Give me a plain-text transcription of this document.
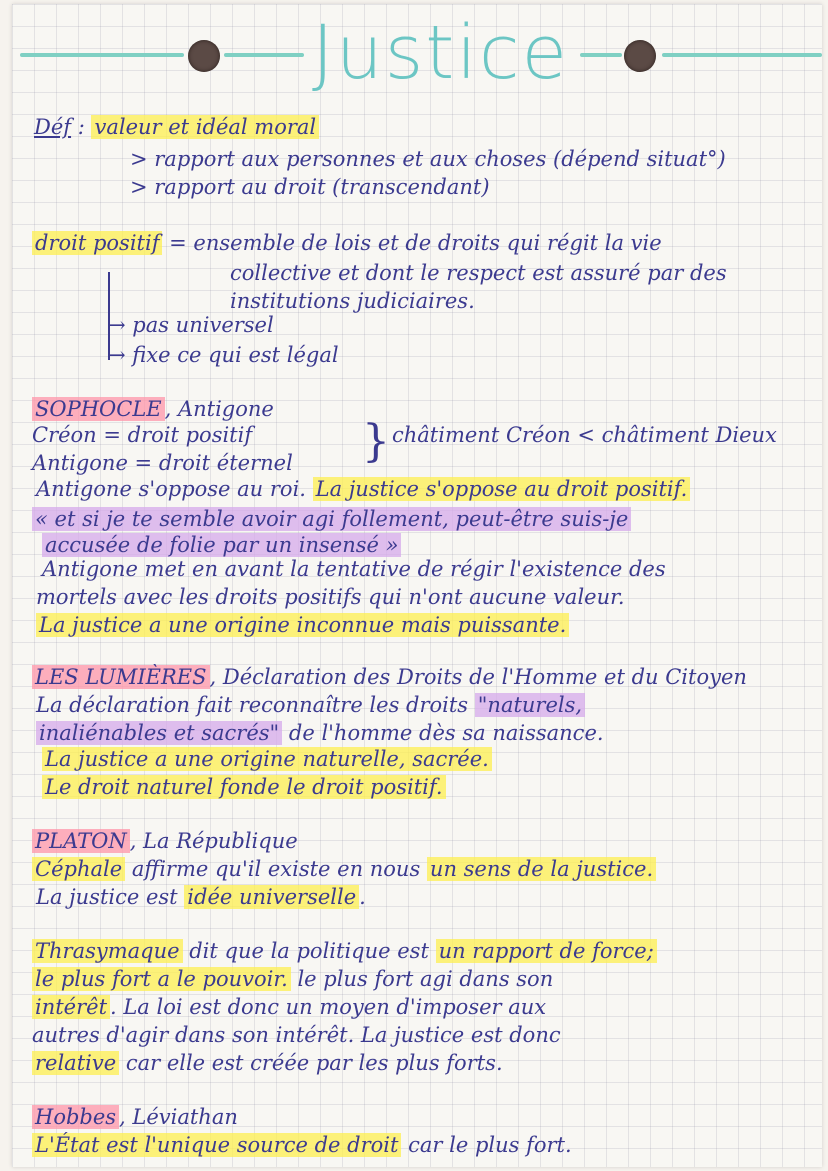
Justice
Déf : valeur et idéal moral
> rapport aux personnes et aux choses (dépend situat°)
> rapport au droit (transcendant)
droit positif = ensemble de lois et de droits qui régit la vie
collective et dont le respect est assuré par des
institutions judiciaires.
→ pas universel
→ fixe ce qui est légal
SOPHOCLE , Antigone
Créon = droit positif } châtiment Créon < châtiment Dieux
Antigone = droit éternel
Antigone s'oppose au roi. La justice s'oppose au droit positif.
« et si je te semble avoir agi follement, peut-être suis-je
accusée de folie par un insensé »
Antigone met en avant la tentative de régir l'existence des
mortels avec les droits positifs qui n'ont aucune valeur.
La justice a une origine inconnue mais puissante.
LES LUMIÈRES , Déclaration des Droits de l'Homme et du Citoyen
La déclaration fait reconnaître les droits "naturels,
inaliénables et sacrés" de l'homme dès sa naissance.
La justice a une origine naturelle, sacrée.
Le droit naturel fonde le droit positif.
PLATON , La République
Céphale affirme qu'il existe en nous un sens de la justice.
La justice est idée universelle .
Thrasymaque dit que la politique est un rapport de force;
le plus fort a le pouvoir. le plus fort agi dans son
intérêt . La loi est donc un moyen d'imposer aux
autres d'agir dans son intérêt. La justice est donc
relative car elle est créée par les plus forts.
Hobbes , Léviathan
L'État est l'unique source de droit car le plus fort.
